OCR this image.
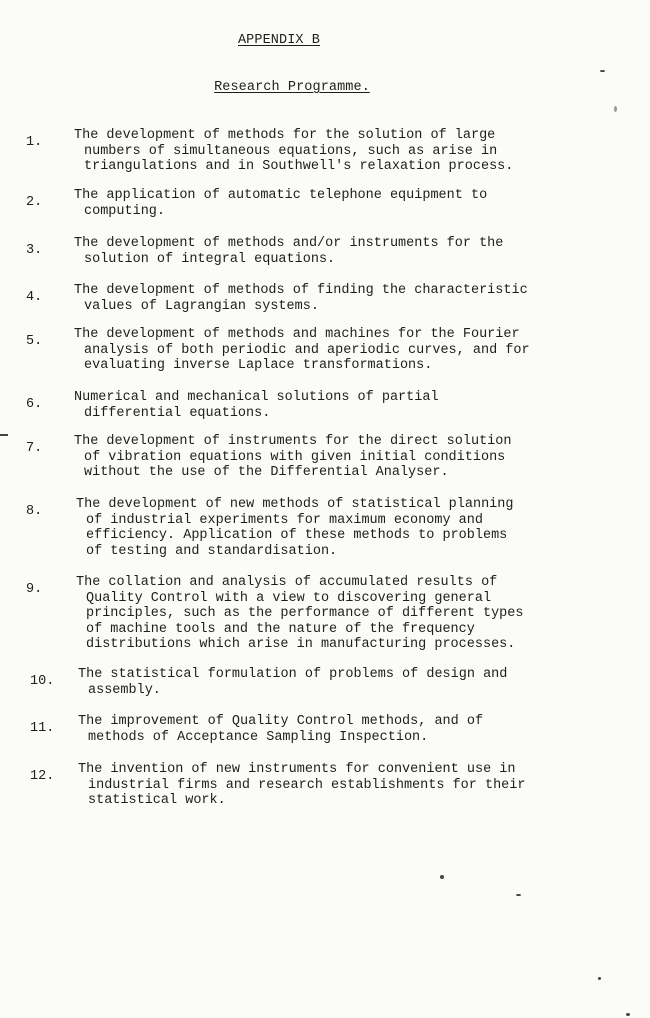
APPENDIX B
Research Programme.
1.	The development of methods for the solution of large
numbers of simultaneous equations, such as arise in
triangulations and in Southwell's relaxation process.
2.	The application of automatic telephone equipment to
computing.
3.	The development of methods and/or instruments for the
solution of integral equations.
4.	The development of methods of finding the characteristic
values of Lagrangian systems.
5.	The development of methods and machines for the Fourier
analysis of both periodic and aperiodic curves, and for
evaluating inverse Laplace transformations.
6.	Numerical and mechanical solutions of partial
differential equations.
7.	The development of instruments for the direct solution
of vibration equations with given initial conditions
without the use of the Differential Analyser.
8.	The development of new methods of statistical planning
of industrial experiments for maximum economy and
efficiency. Application of these methods to problems
of testing and standardisation.
9.	The collation and analysis of accumulated results of
Quality Control with a view to discovering general
principles, such as the performance of different types
of machine tools and the nature of the frequency
distributions which arise in manufacturing processes.
10.	The statistical formulation of problems of design and
assembly.
11.	The improvement of Quality Control methods, and of
methods of Acceptance Sampling Inspection.
12.	The invention of new instruments for convenient use in
industrial firms and research establishments for their
statistical work.
